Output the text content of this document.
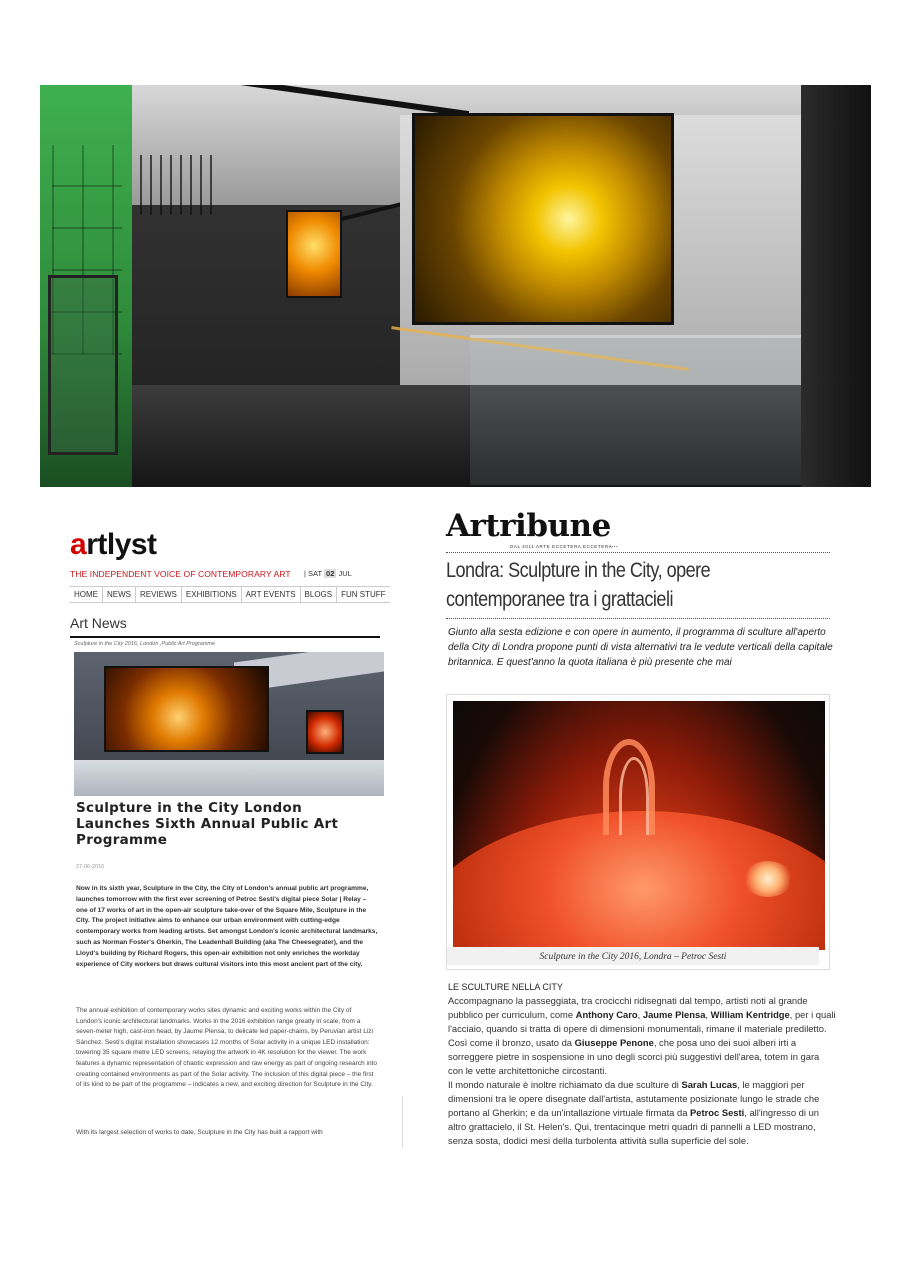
artlyst
THE INDEPENDENT VOICE OF CONTEMPORARY ART | SAT 02 JUL
HOME	NEWS	REVIEWS	EXHIBITIONS	ART EVENTS	BLOGS	FUN STUFF
Art News
Sculpture in the City 2016, London ,Public Art Programme
Sculpture in the City London Launches Sixth Annual Public Art Programme
27-06-2016
Now in its sixth year, Sculpture in the City, the City of London's annual public art programme, launches tomorrow with the first ever screening of Petroc Sesti's digital piece Solar | Relay – one of 17 works of art in the open-air sculpture take-over of the Square Mile, Sculpture in the City. The project initiative aims to enhance our urban environment with cutting-edge contemporary works from leading artists. Set amongst London's iconic architectural landmarks, such as Norman Foster's Gherkin, The Leadenhall Building (aka The Cheesegrater), and the Lloyd's building by Richard Rogers, this open-air exhibition not only enriches the workday experience of City workers but draws cultural visitors into this most ancient part of the city.
The annual exhibition of contemporary works sites dynamic and exciting works within the City of London's iconic architectural landmarks. Works in the 2016 exhibition range greatly in scale, from a seven-meter high, cast-iron head, by Jaume Plensa, to delicate led paper-chains, by Peruvian artist Lizi Sánchez. Sesti's digital installation showcases 12 months of Solar activity in a unique LED installation: towering 35 square metre LED screens, relaying the artwork in 4K resolution for the viewer. The work features a dynamic representation of chaotic expression and raw energy as part of ongoing research into creating contained environments as part of the Solar activity. The inclusion of this digital piece – the first of its kind to be part of the programme – indicates a new, and exciting direction for Sculpture in the City.
With its largest selection of works to date, Sculpture in the City has built a rapport with
Artribune
DAL 2011 ARTE ECCETERA ECCETERA
....
Londra: Sculpture in the City, opere contemporanee tra i grattacieli
Giunto alla sesta edizione e con opere in aumento, il programma di sculture all'aperto della City di Londra propone punti di vista alternativi tra le vedute verticali della capitale britannica. E quest'anno la quota italiana è più presente che mai
Sculpture in the City 2016, Londra – Petroc Sesti
LE SCULTURE NELLA CITY

Accompagnano la passeggiata, tra crocicchi ridisegnati dal tempo, artisti noti al grande pubblico per curriculum, come Anthony Caro, Jaume Plensa, William Kentridge, per i quali l'acciaio, quando si tratta di opere di dimensioni monumentali, rimane il materiale prediletto. Così come il bronzo, usato da Giuseppe Penone, che posa uno dei suoi alberi irti a sorreggere pietre in sospensione in uno degli scorci più suggestivi dell'area, totem in gara con le vette architettoniche circostanti.

Il mondo naturale è inoltre richiamato da due sculture di Sarah Lucas, le maggiori per dimensioni tra le opere disegnate dall'artista, astutamente posizionate lungo le strade che portano al Gherkin; e da un'intallazione virtuale firmata da Petroc Sesti, all'ingresso di un altro grattacielo, il St. Helen's. Qui, trentacinque metri quadri di pannelli a LED mostrano, senza sosta, dodici mesi della turbolenta attività sulla superficie del sole.
